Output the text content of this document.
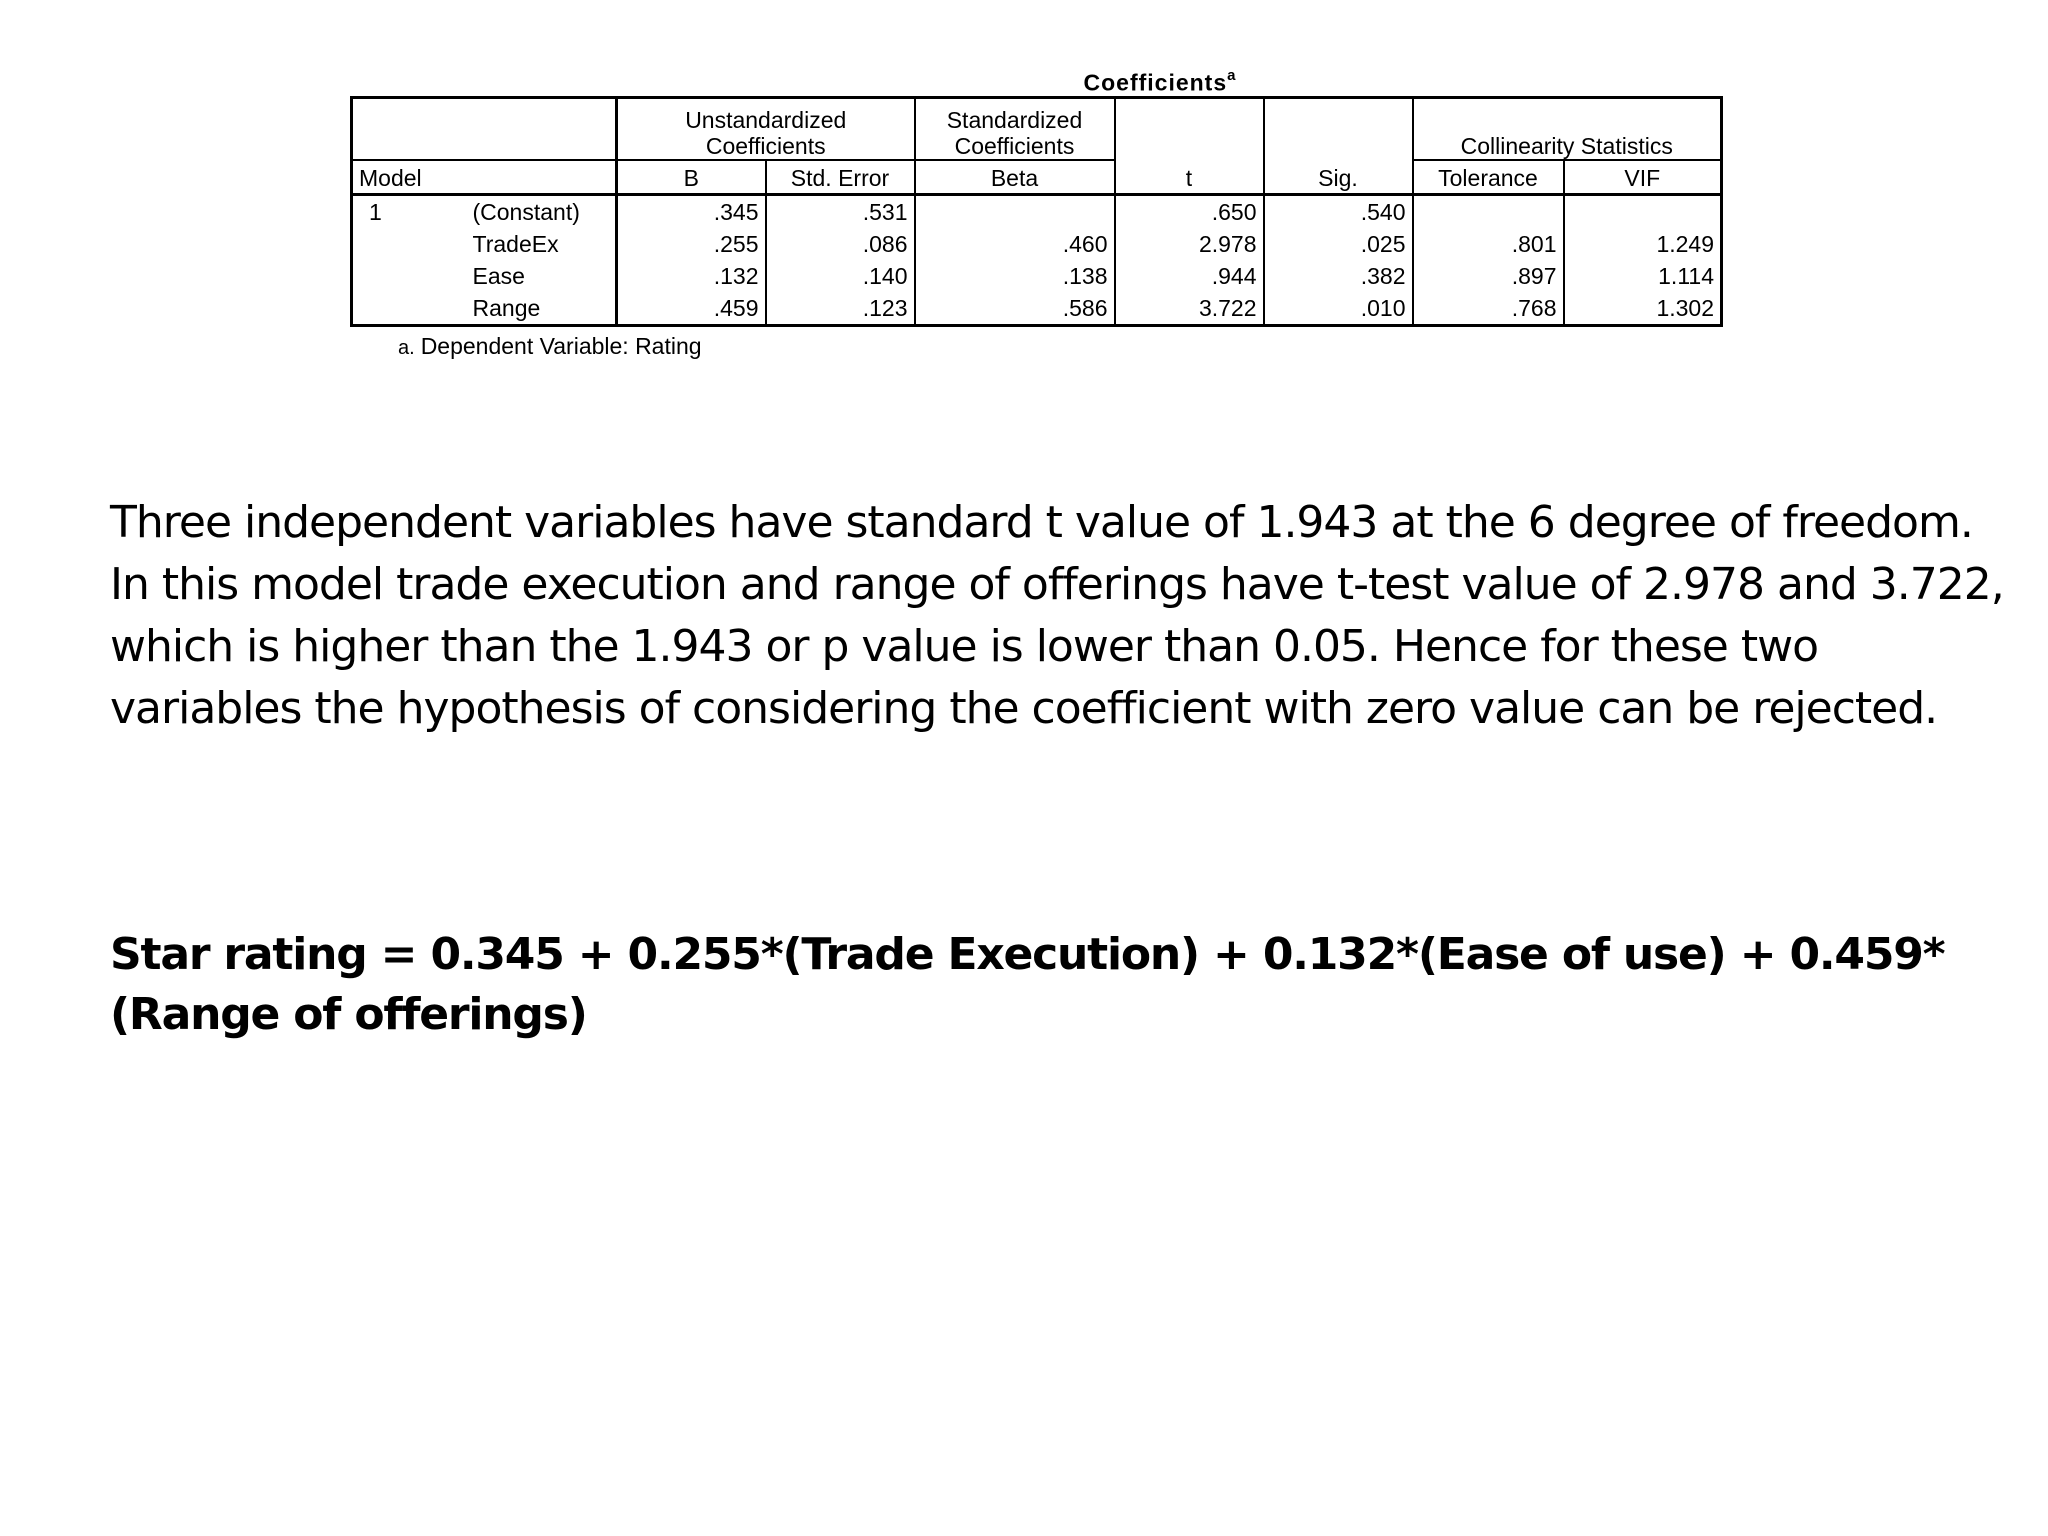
Coefficients$^a$
		Unstandardized Coefficients		Standardized Coefficients			Collinearity Statistics	

Model		B	Std. Error	Beta	t	Sig.	Tolerance	VIF
1	(Constant)	.345	.531		.650	.540		
	TradeEx	.255	.086	.460	2.978	.025	.801	1.249
	Ease	.132	.140	.138	.944	.382	.897	1.114
	Range	.459	.123	.586	3.722	.010	.768	1.302
a. Dependent Variable: Rating

Three independent variables have standard t value of 1.943 at the 6 degree of freedom. In this model trade execution and range of offerings have t-test value of 2.978 and 3.722, which is higher than the 1.943 or p value is lower than 0.05. Hence for these two variables the hypothesis of considering the coefficient with zero value can be rejected.

Star rating = 0.345 + 0.255*(Trade Execution) + 0.132*(Ease of use) + 0.459*(Range of offerings)
